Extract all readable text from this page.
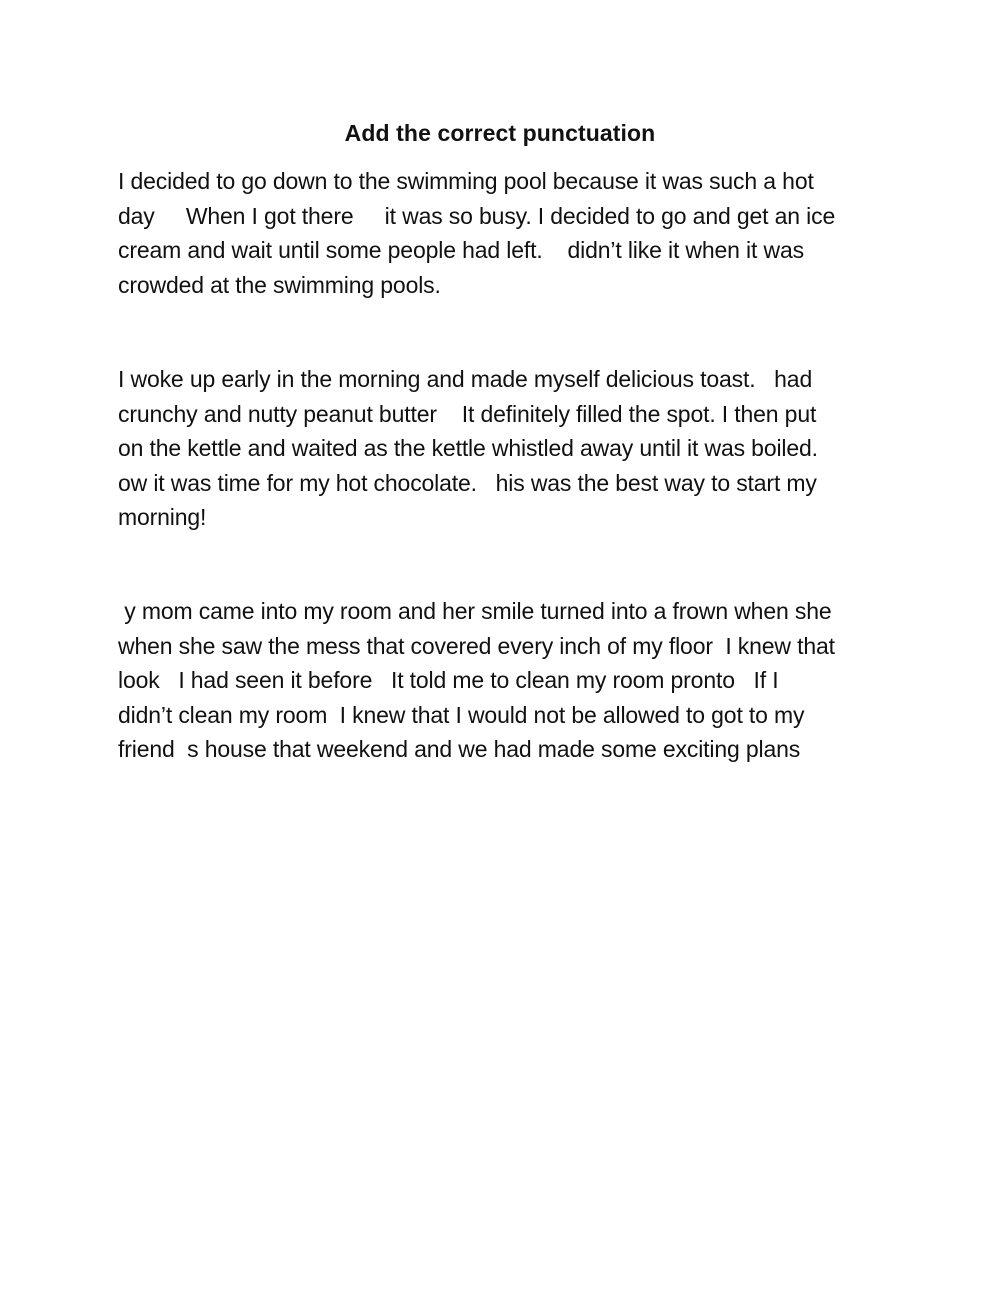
Add the correct punctuation
I decided to go down to the swimming pool because it was such a hot
day     When I got there     it was so busy. I decided to go and get an ice
cream and wait until some people had left.    didn’t like it when it was
crowded at the swimming pools.
I woke up early in the morning and made myself delicious toast.   had
crunchy and nutty peanut butter    It definitely filled the spot. I then put
on the kettle and waited as the kettle whistled away until it was boiled.
ow it was time for my hot chocolate.   his was the best way to start my
morning!
y mom came into my room and her smile turned into a frown when she
when she saw the mess that covered every inch of my floor  I knew that
look   I had seen it before   It told me to clean my room pronto   If I
didn’t clean my room  I knew that I would not be allowed to got to my
friend  s house that weekend and we had made some exciting plans
